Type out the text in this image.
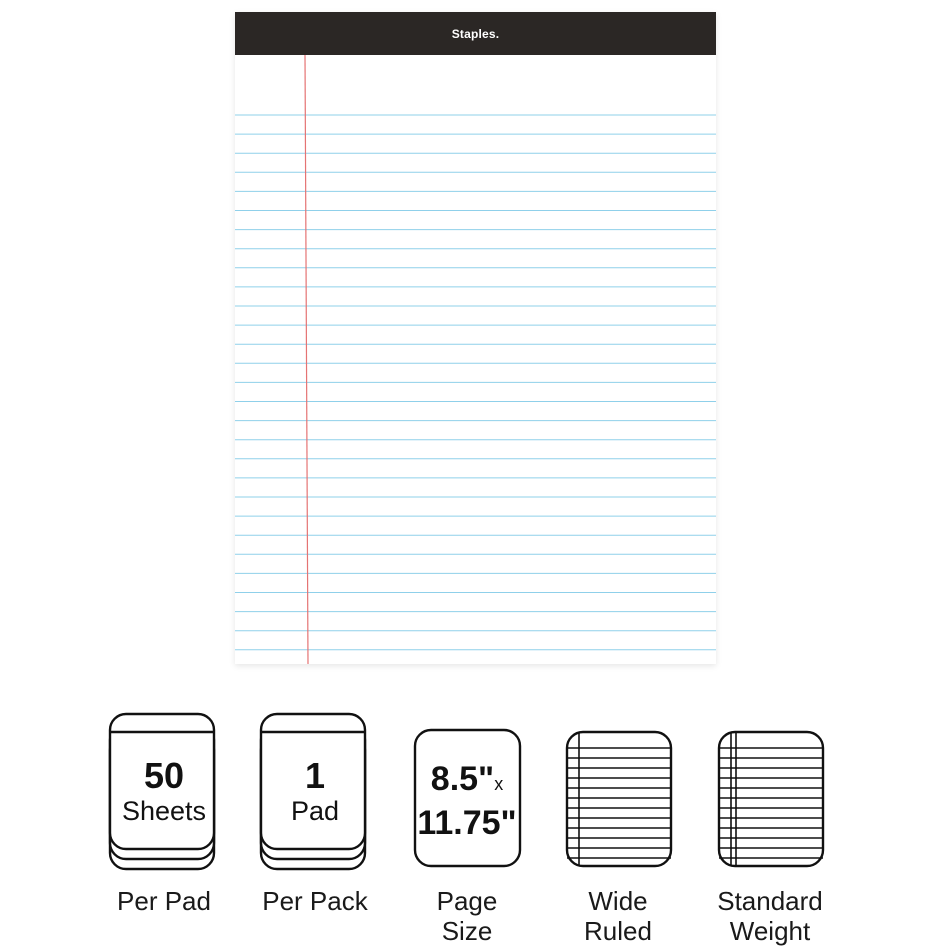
Staples.
50
Sheets
Per Pad
1
Pad
Per Pack
8.5"x
11.75"
Page
Size
Wide
Ruled
Standard
Weight
